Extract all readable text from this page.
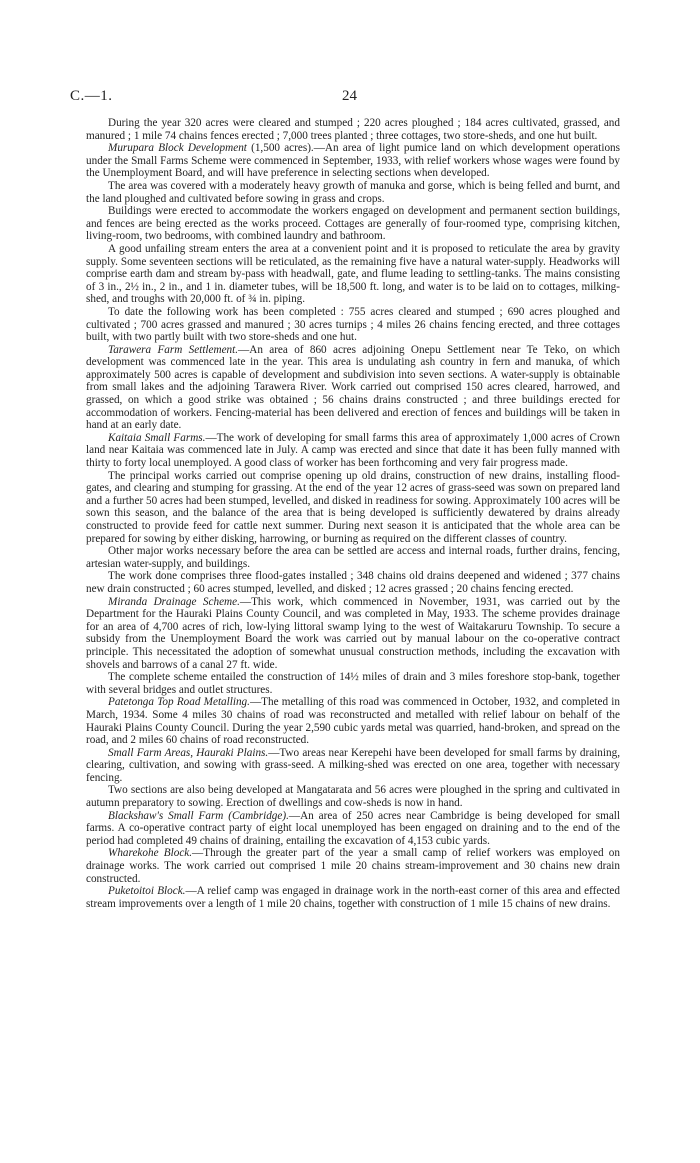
C.—1.	24

During the year 320 acres were cleared and stumped ; 220 acres ploughed ; 184 acres cultivated, grassed, and manured ; 1 mile 74 chains fences erected ; 7,000 trees planted ; three cottages, two store-sheds, and one hut built.

Murupara Block Development (1,500 acres).—An area of light pumice land on which development operations under the Small Farms Scheme were commenced in September, 1933, with relief workers whose wages were found by the Unemployment Board, and will have preference in selecting sections when developed.

The area was covered with a moderately heavy growth of manuka and gorse, which is being felled and burnt, and the land ploughed and cultivated before sowing in grass and crops.

Buildings were erected to accommodate the workers engaged on development and permanent section buildings, and fences are being erected as the works proceed. Cottages are generally of four-roomed type, comprising kitchen, living-room, two bedrooms, with combined laundry and bathroom.

A good unfailing stream enters the area at a convenient point and it is proposed to reticulate the area by gravity supply. Some seventeen sections will be reticulated, as the remaining five have a natural water-supply. Headworks will comprise earth dam and stream by-pass with headwall, gate, and flume leading to settling-tanks. The mains consisting of 3 in., 2½ in., 2 in., and 1 in. diameter tubes, will be 18,500 ft. long, and water is to be laid on to cottages, milking-shed, and troughs with 20,000 ft. of ¾ in. piping.

To date the following work has been completed : 755 acres cleared and stumped ; 690 acres ploughed and cultivated ; 700 acres grassed and manured ; 30 acres turnips ; 4 miles 26 chains fencing erected, and three cottages built, with two partly built with two store-sheds and one hut.

Tarawera Farm Settlement.—An area of 860 acres adjoining Onepu Settlement near Te Teko, on which development was commenced late in the year. This area is undulating ash country in fern and manuka, of which approximately 500 acres is capable of development and subdivision into seven sections. A water-supply is obtainable from small lakes and the adjoining Tarawera River. Work carried out comprised 150 acres cleared, harrowed, and grassed, on which a good strike was obtained ; 56 chains drains constructed ; and three buildings erected for accommodation of workers. Fencing-material has been delivered and erection of fences and buildings will be taken in hand at an early date.

Kaitaia Small Farms.—The work of developing for small farms this area of approximately 1,000 acres of Crown land near Kaitaia was commenced late in July. A camp was erected and since that date it has been fully manned with thirty to forty local unemployed. A good class of worker has been forthcoming and very fair progress made.

The principal works carried out comprise opening up old drains, construction of new drains, installing flood-gates, and clearing and stumping for grassing. At the end of the year 12 acres of grass-seed was sown on prepared land and a further 50 acres had been stumped, levelled, and disked in readiness for sowing. Approximately 100 acres will be sown this season, and the balance of the area that is being developed is sufficiently dewatered by drains already constructed to provide feed for cattle next summer. During next season it is anticipated that the whole area can be prepared for sowing by either disking, harrowing, or burning as required on the different classes of country.

Other major works necessary before the area can be settled are access and internal roads, further drains, fencing, artesian water-supply, and buildings.

The work done comprises three flood-gates installed ; 348 chains old drains deepened and widened ; 377 chains new drain constructed ; 60 acres stumped, levelled, and disked ; 12 acres grassed ; 20 chains fencing erected.

Miranda Drainage Scheme.—This work, which commenced in November, 1931, was carried out by the Department for the Hauraki Plains County Council, and was completed in May, 1933. The scheme provides drainage for an area of 4,700 acres of rich, low-lying littoral swamp lying to the west of Waitakaruru Township. To secure a subsidy from the Unemployment Board the work was carried out by manual labour on the co-operative contract principle. This necessitated the adoption of somewhat unusual construction methods, including the excavation with shovels and barrows of a canal 27 ft. wide.

The complete scheme entailed the construction of 14½ miles of drain and 3 miles foreshore stop-bank, together with several bridges and outlet structures.

Patetonga Top Road Metalling.—The metalling of this road was commenced in October, 1932, and completed in March, 1934. Some 4 miles 30 chains of road was reconstructed and metalled with relief labour on behalf of the Hauraki Plains County Council. During the year 2,590 cubic yards metal was quarried, hand-broken, and spread on the road, and 2 miles 60 chains of road reconstructed.

Small Farm Areas, Hauraki Plains.—Two areas near Kerepehi have been developed for small farms by draining, clearing, cultivation, and sowing with grass-seed. A milking-shed was erected on one area, together with necessary fencing.

Two sections are also being developed at Mangatarata and 56 acres were ploughed in the spring and cultivated in autumn preparatory to sowing. Erection of dwellings and cow-sheds is now in hand.

Blackshaw's Small Farm (Cambridge).—An area of 250 acres near Cambridge is being developed for small farms. A co-operative contract party of eight local unemployed has been engaged on draining and to the end of the period had completed 49 chains of draining, entailing the excavation of 4,153 cubic yards.

Wharekohe Block.—Through the greater part of the year a small camp of relief workers was employed on drainage works. The work carried out comprised 1 mile 20 chains stream-improvement and 30 chains new drain constructed.

Puketoitoi Block.—A relief camp was engaged in drainage work in the north-east corner of this area and effected stream improvements over a length of 1 mile 20 chains, together with construction of 1 mile 15 chains of new drains.
